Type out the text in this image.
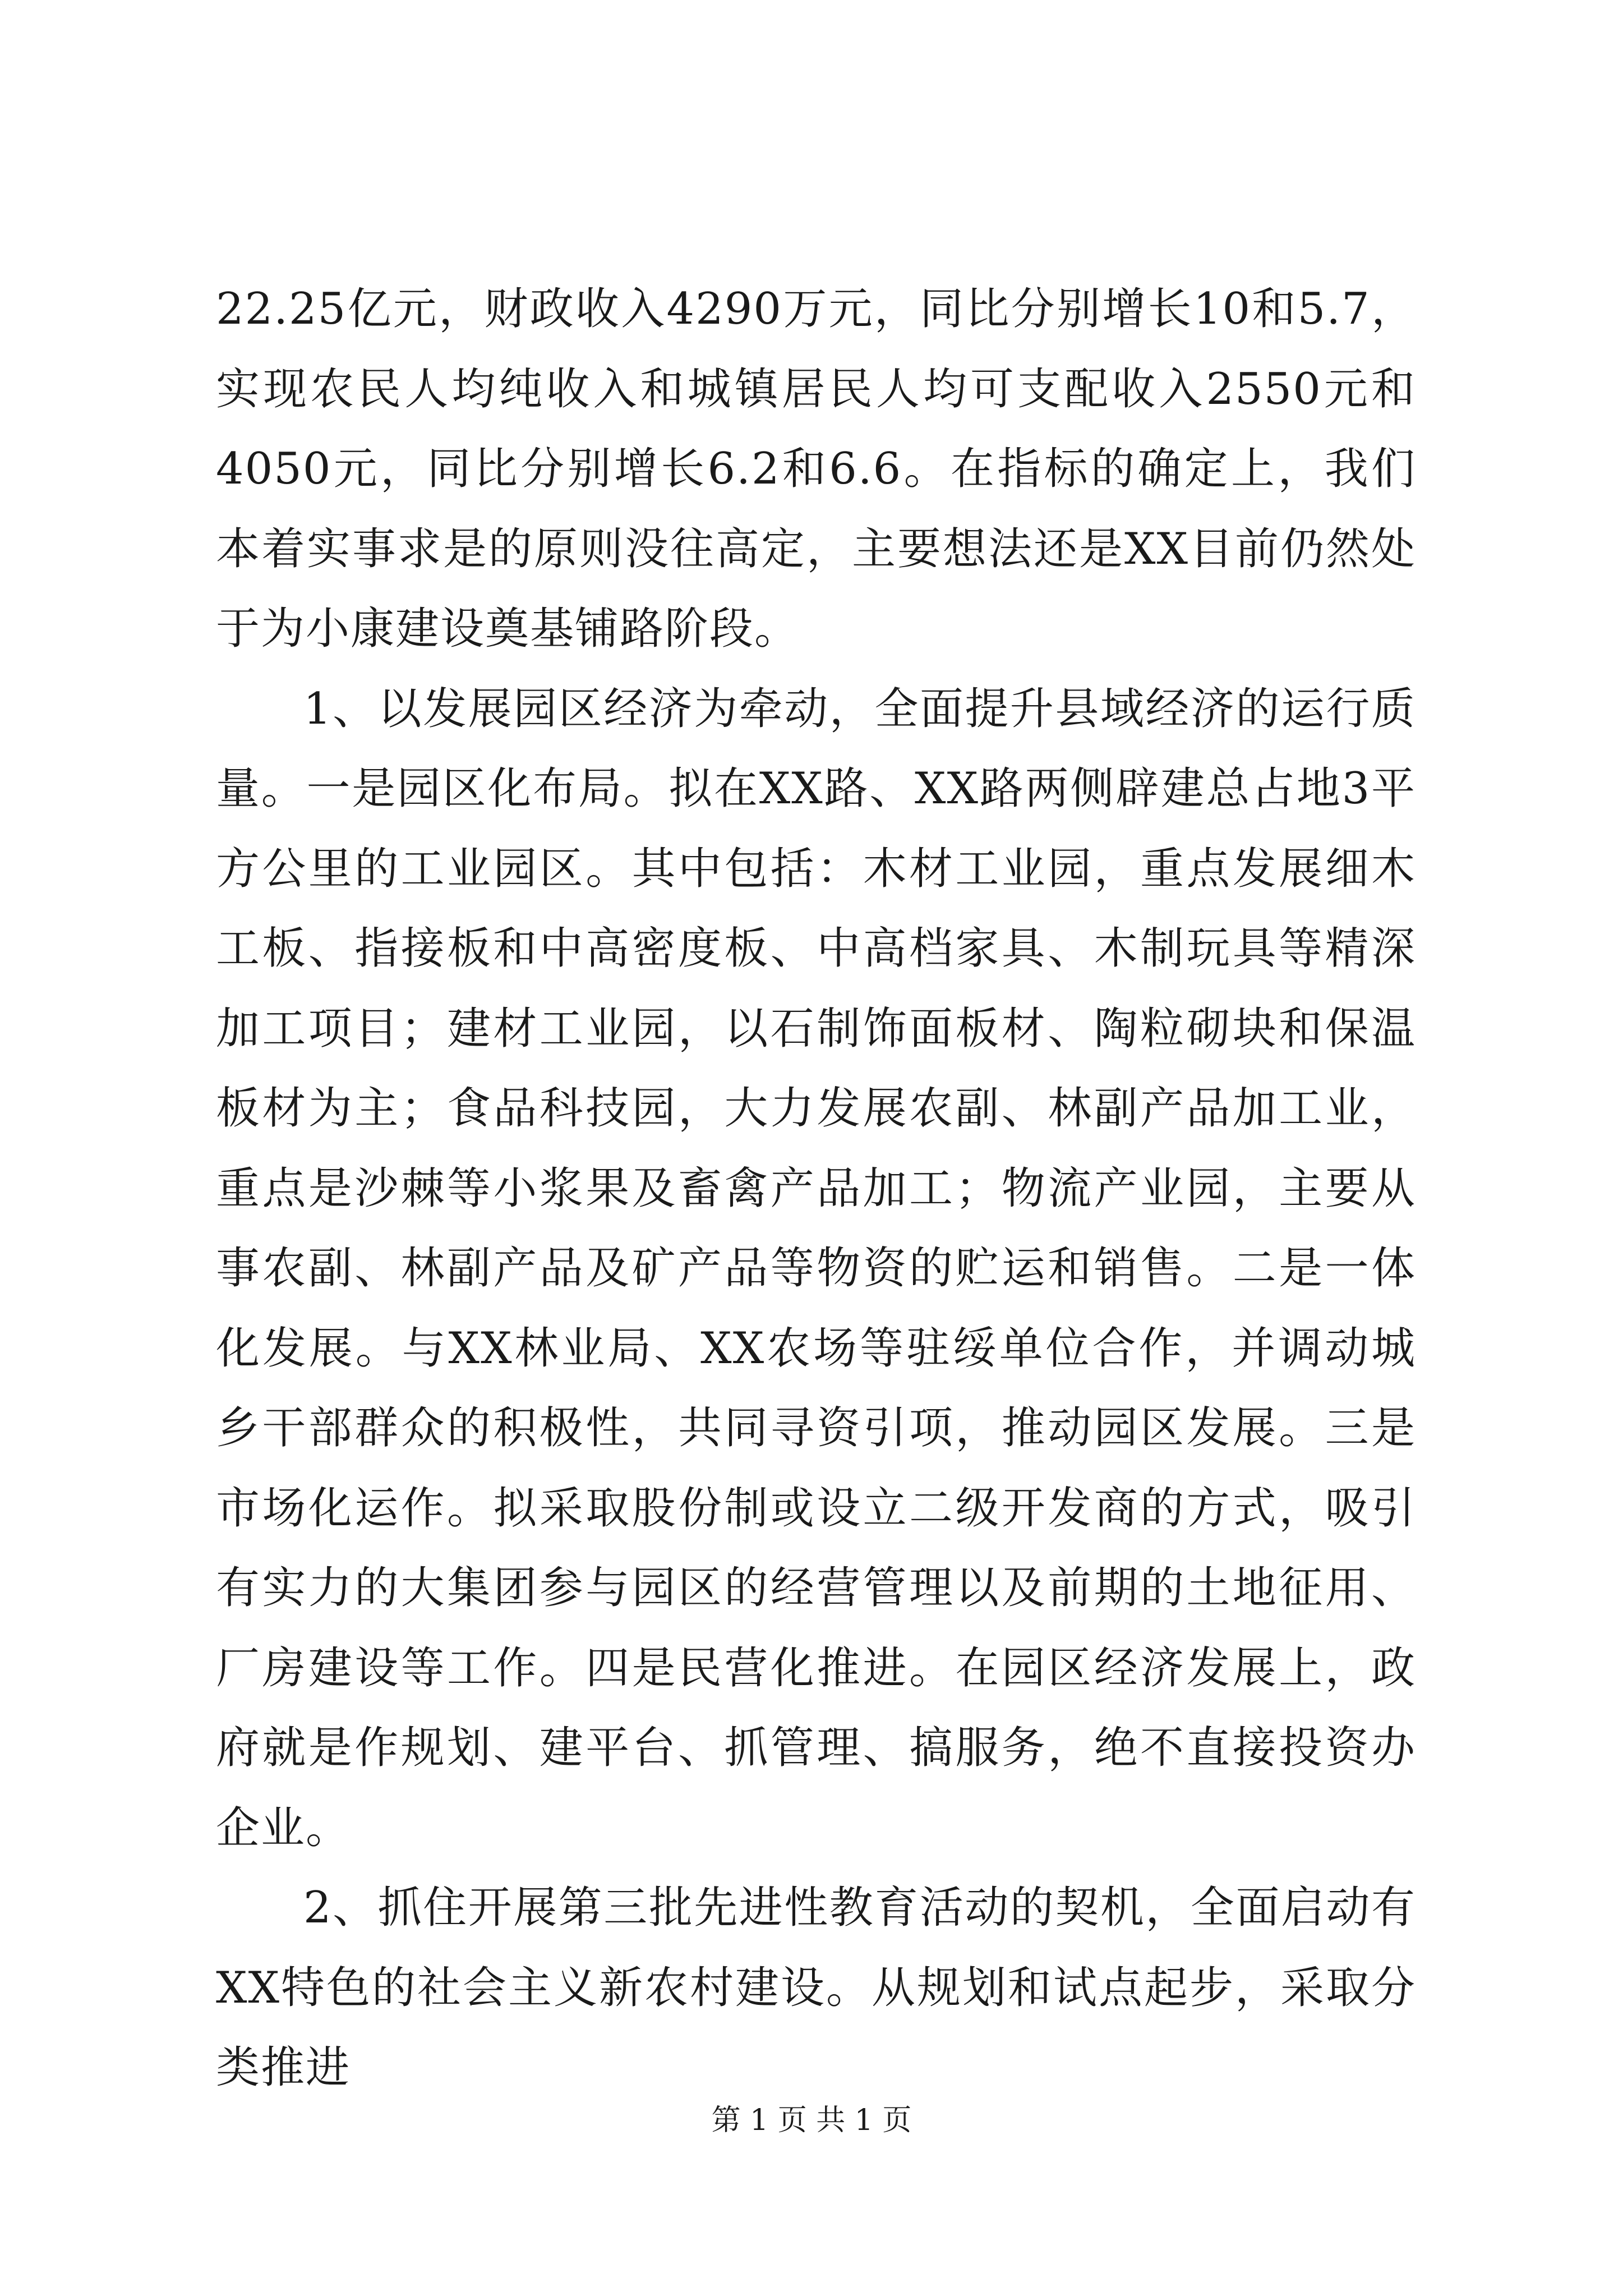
22.25亿元，财政收入4290万元，同比分别增长10和5.7，实现农民人均纯收入和城镇居民人均可支配收入2550元和4050元，同比分别增长6.2和6.6。在指标的确定上，我们本着实事求是的原则没往高定，主要想法还是XX目前仍然处于为小康建设奠基铺路阶段。

1、以发展园区经济为牵动，全面提升县域经济的运行质量。一是园区化布局。拟在XX路、XX路两侧辟建总占地3平方公里的工业园区。其中包括：木材工业园，重点发展细木工板、指接板和中高密度板、中高档家具、木制玩具等精深加工项目；建材工业园，以石制饰面板材、陶粒砌块和保温板材为主；食品科技园，大力发展农副、林副产品加工业，重点是沙棘等小浆果及畜禽产品加工；物流产业园，主要从事农副、林副产品及矿产品等物资的贮运和销售。二是一体化发展。与XX林业局、XX农场等驻绥单位合作，并调动城乡干部群众的积极性，共同寻资引项，推动园区发展。三是市场化运作。拟采取股份制或设立二级开发商的方式，吸引有实力的大集团参与园区的经营管理以及前期的土地征用、厂房建设等工作。四是民营化推进。在园区经济发展上，政府就是作规划、建平台、抓管理、搞服务，绝不直接投资办企业。

2、抓住开展第三批先进性教育活动的契机，全面启动有XX特色的社会主义新农村建设。从规划和试点起步，采取分类推进

第 1 页 共 1 页
